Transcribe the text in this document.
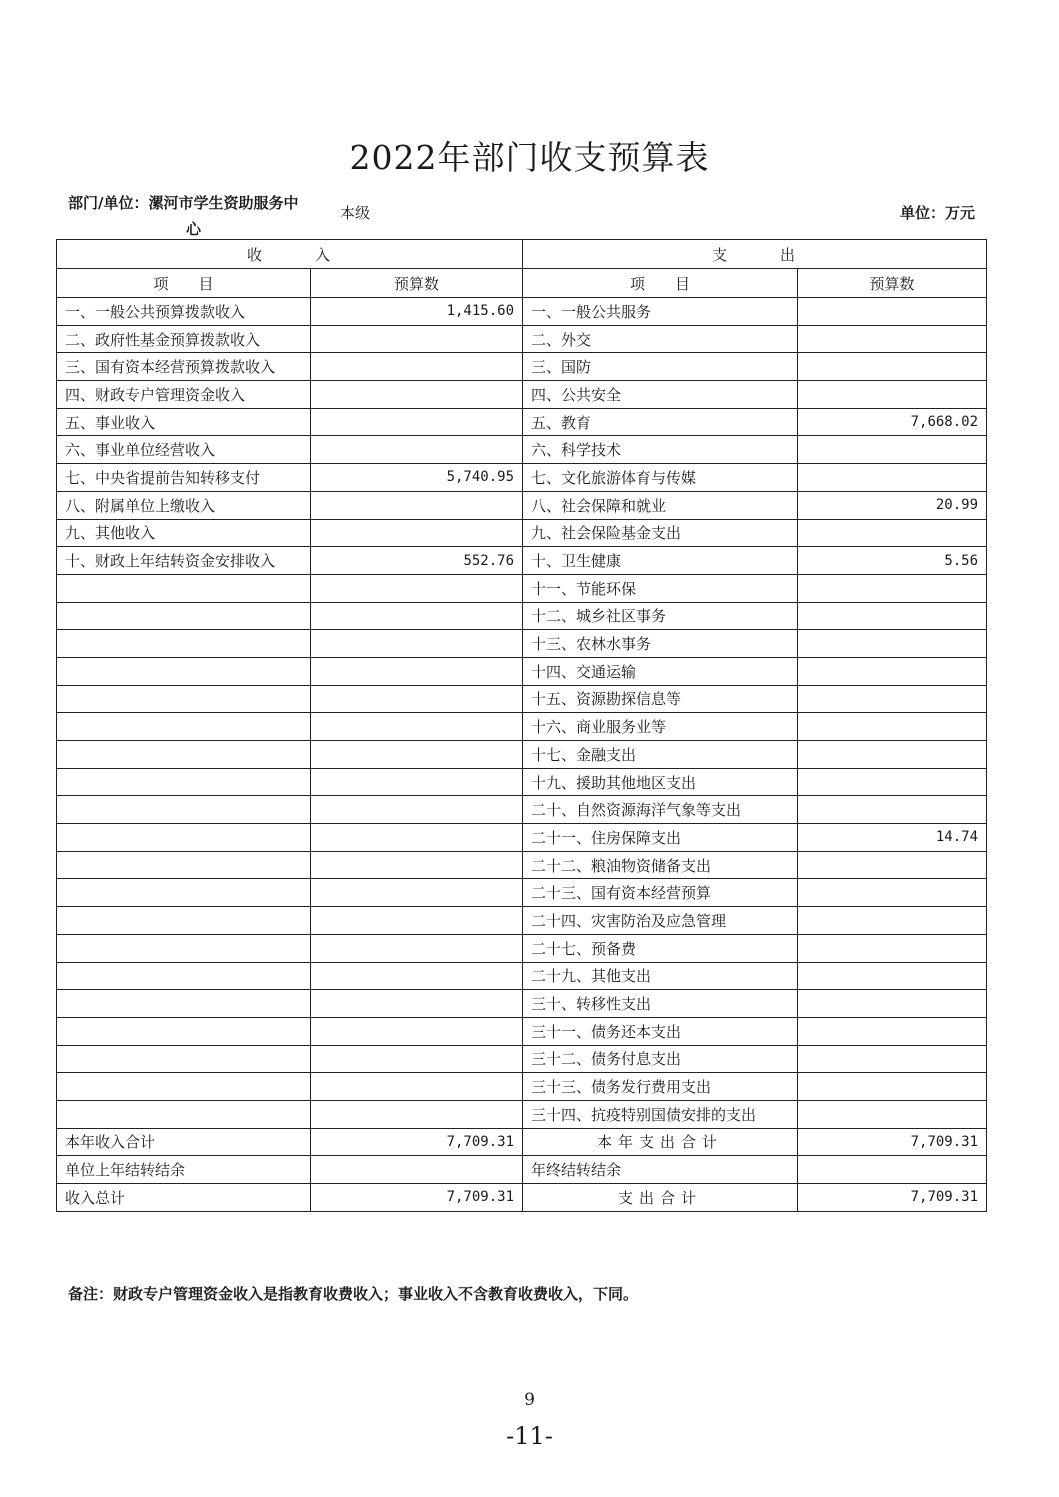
2022年部门收支预算表
部门/单位：漯河市学生资助服务中
心
本级	单位：万元
收　　　入		支　　　出	
项　　目	预算数	项　　目	预算数
一、一般公共预算拨款收入	1,415.60	一、一般公共服务	
二、政府性基金预算拨款收入		二、外交	
三、国有资本经营预算拨款收入		三、国防	
四、财政专户管理资金收入		四、公共安全	
五、事业收入		五、教育	7,668.02
六、事业单位经营收入		六、科学技术	
七、中央省提前告知转移支付	5,740.95	七、文化旅游体育与传媒	
八、附属单位上缴收入		八、社会保障和就业	20.99
九、其他收入		九、社会保险基金支出	
十、财政上年结转资金安排收入	552.76	十、卫生健康	5.56
		十一、节能环保	
		十二、城乡社区事务	
		十三、农林水事务	
		十四、交通运输	
		十五、资源勘探信息等	
		十六、商业服务业等	
		十七、金融支出	
		十九、援助其他地区支出	
		二十、自然资源海洋气象等支出	
		二十一、住房保障支出	14.74
		二十二、粮油物资储备支出	
		二十三、国有资本经营预算	
		二十四、灾害防治及应急管理	
		二十七、预备费	
		二十九、其他支出	
		三十、转移性支出	
		三十一、债务还本支出	
		三十二、债务付息支出	
		三十三、债务发行费用支出	
		三十四、抗疫特别国债安排的支出	
本年收入合计	7,709.31	本年支出合计	7,709.31
单位上年结转结余		年终结转结余	
收入总计	7,709.31	支出合计	7,709.31
备注：财政专户管理资金收入是指教育收费收入；事业收入不含教育收费收入，下同。
9
-11-
